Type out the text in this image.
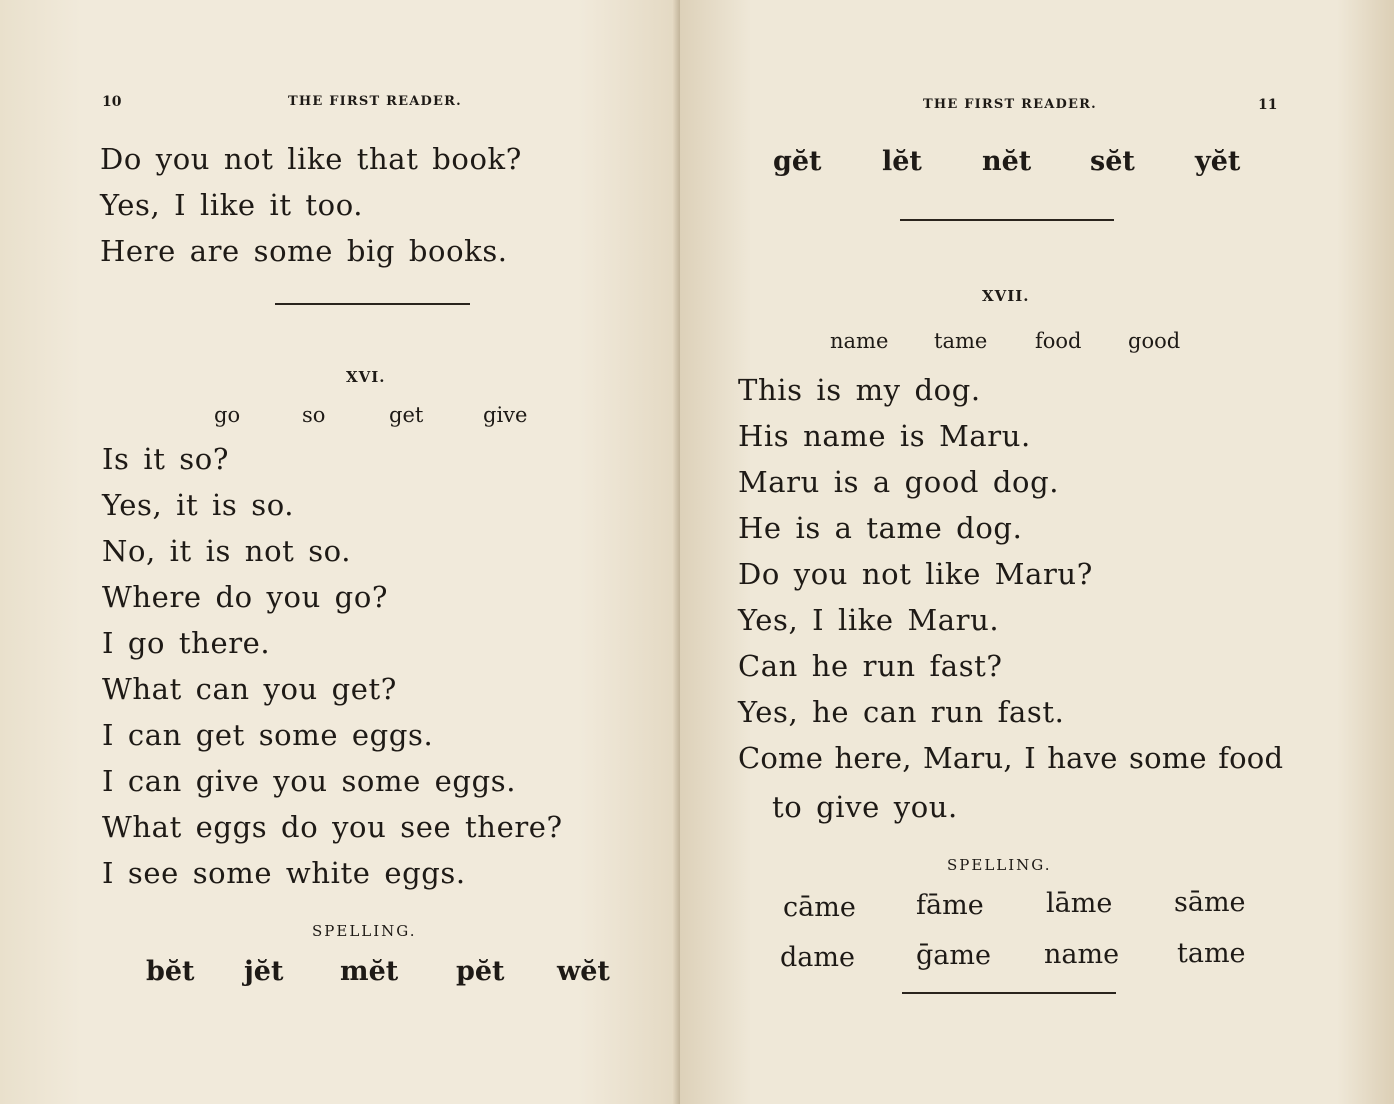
10	THE FIRST READER.
Do you not like that book?
Yes, I like it too.
Here are some big books.
XVI.
go	so	get	give
Is it so?
Yes, it is so.
No, it is not so.
Where do you go?
I go there.
What can you get?
I can get some eggs.
I can give you some eggs.
What eggs do you see there?
I see some white eggs.
SPELLING.
bĕt jĕt mĕt pĕt wĕt
THE FIRST READER.	11
gĕt lĕt nĕt sĕt yĕt
XVII.
name tame food good
This is my dog.
His name is Maru.
Maru is a good dog.
He is a tame dog.
Do you not like Maru?
Yes, I like Maru.
Can he run fast?
Yes, he can run fast.
Come here, Maru, I have some food
to give you.
SPELLING.
cāme fāme lāme sāme
dame ḡame name tame
